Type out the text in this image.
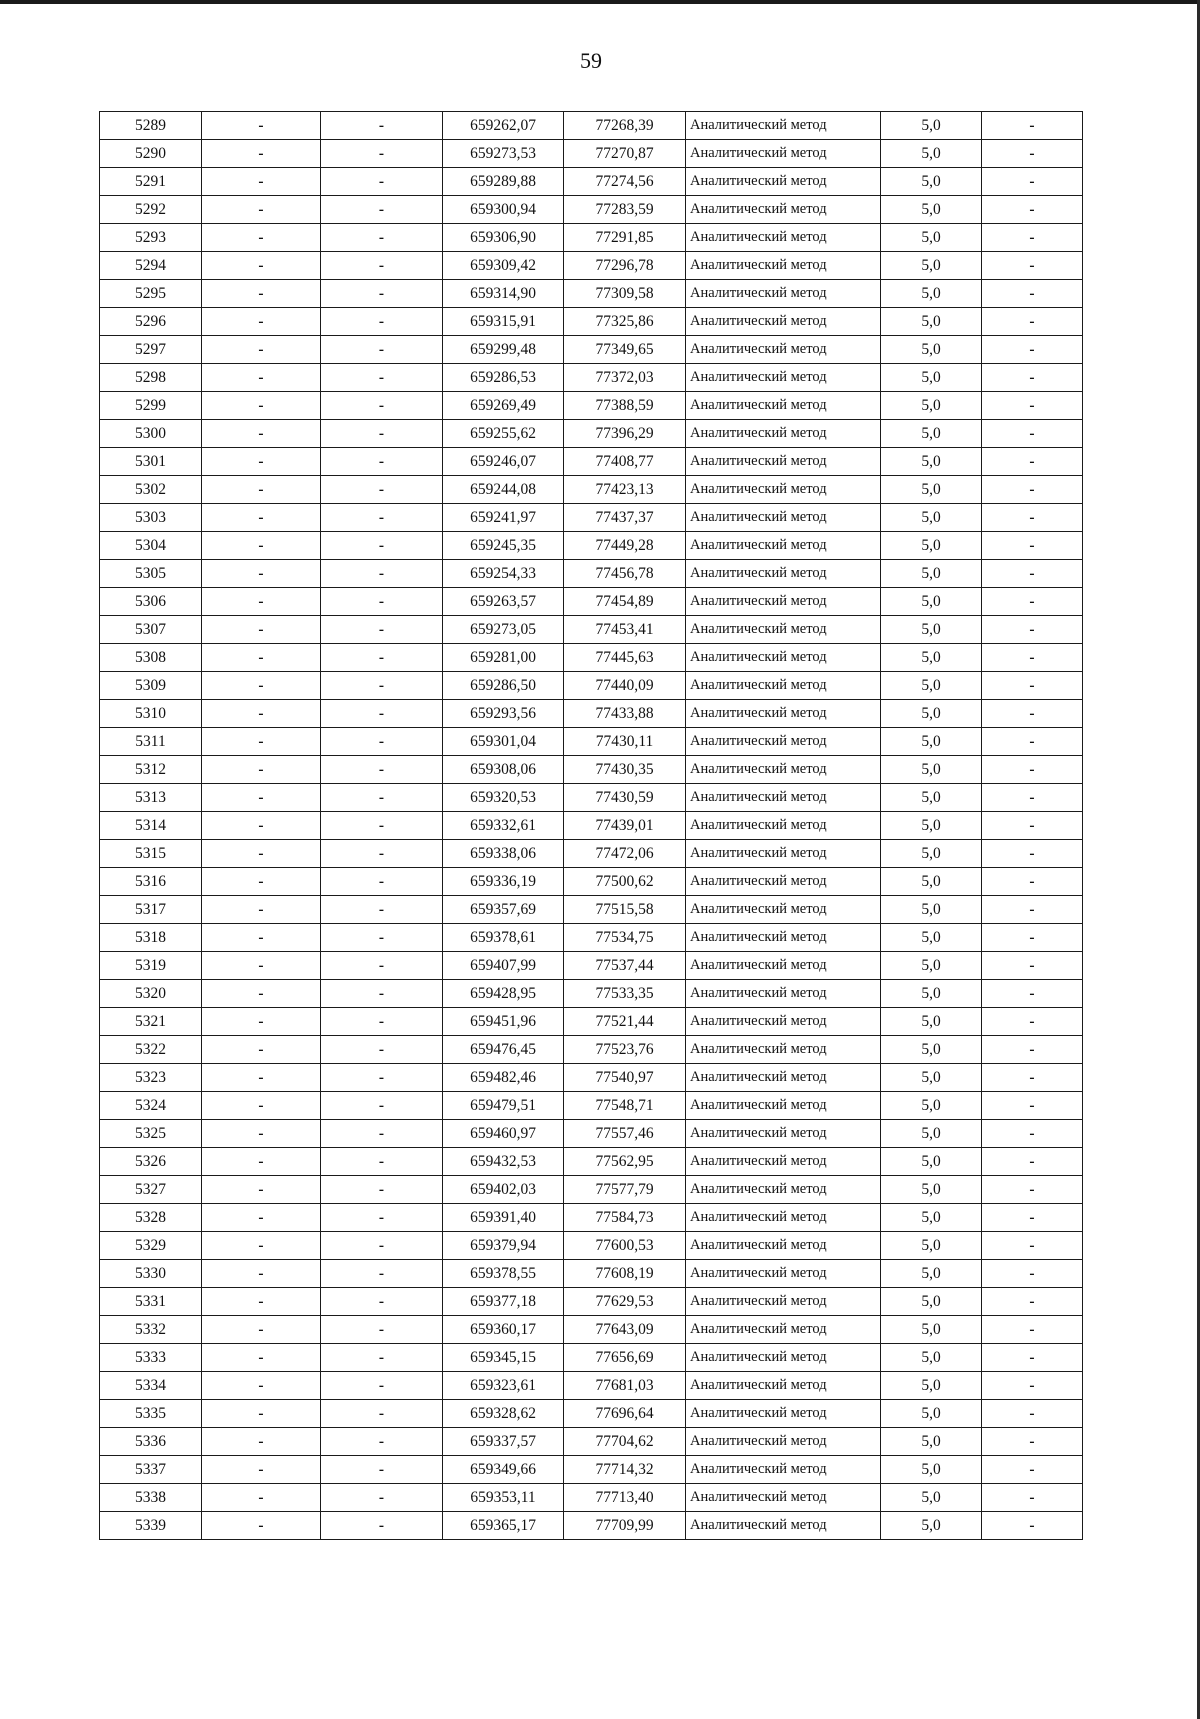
59
5289	-	-	659262,07	77268,39	Аналитический метод	5,0	-
5290	-	-	659273,53	77270,87	Аналитический метод	5,0	-
5291	-	-	659289,88	77274,56	Аналитический метод	5,0	-
5292	-	-	659300,94	77283,59	Аналитический метод	5,0	-
5293	-	-	659306,90	77291,85	Аналитический метод	5,0	-
5294	-	-	659309,42	77296,78	Аналитический метод	5,0	-
5295	-	-	659314,90	77309,58	Аналитический метод	5,0	-
5296	-	-	659315,91	77325,86	Аналитический метод	5,0	-
5297	-	-	659299,48	77349,65	Аналитический метод	5,0	-
5298	-	-	659286,53	77372,03	Аналитический метод	5,0	-
5299	-	-	659269,49	77388,59	Аналитический метод	5,0	-
5300	-	-	659255,62	77396,29	Аналитический метод	5,0	-
5301	-	-	659246,07	77408,77	Аналитический метод	5,0	-
5302	-	-	659244,08	77423,13	Аналитический метод	5,0	-
5303	-	-	659241,97	77437,37	Аналитический метод	5,0	-
5304	-	-	659245,35	77449,28	Аналитический метод	5,0	-
5305	-	-	659254,33	77456,78	Аналитический метод	5,0	-
5306	-	-	659263,57	77454,89	Аналитический метод	5,0	-
5307	-	-	659273,05	77453,41	Аналитический метод	5,0	-
5308	-	-	659281,00	77445,63	Аналитический метод	5,0	-
5309	-	-	659286,50	77440,09	Аналитический метод	5,0	-
5310	-	-	659293,56	77433,88	Аналитический метод	5,0	-
5311	-	-	659301,04	77430,11	Аналитический метод	5,0	-
5312	-	-	659308,06	77430,35	Аналитический метод	5,0	-
5313	-	-	659320,53	77430,59	Аналитический метод	5,0	-
5314	-	-	659332,61	77439,01	Аналитический метод	5,0	-
5315	-	-	659338,06	77472,06	Аналитический метод	5,0	-
5316	-	-	659336,19	77500,62	Аналитический метод	5,0	-
5317	-	-	659357,69	77515,58	Аналитический метод	5,0	-
5318	-	-	659378,61	77534,75	Аналитический метод	5,0	-
5319	-	-	659407,99	77537,44	Аналитический метод	5,0	-
5320	-	-	659428,95	77533,35	Аналитический метод	5,0	-
5321	-	-	659451,96	77521,44	Аналитический метод	5,0	-
5322	-	-	659476,45	77523,76	Аналитический метод	5,0	-
5323	-	-	659482,46	77540,97	Аналитический метод	5,0	-
5324	-	-	659479,51	77548,71	Аналитический метод	5,0	-
5325	-	-	659460,97	77557,46	Аналитический метод	5,0	-
5326	-	-	659432,53	77562,95	Аналитический метод	5,0	-
5327	-	-	659402,03	77577,79	Аналитический метод	5,0	-
5328	-	-	659391,40	77584,73	Аналитический метод	5,0	-
5329	-	-	659379,94	77600,53	Аналитический метод	5,0	-
5330	-	-	659378,55	77608,19	Аналитический метод	5,0	-
5331	-	-	659377,18	77629,53	Аналитический метод	5,0	-
5332	-	-	659360,17	77643,09	Аналитический метод	5,0	-
5333	-	-	659345,15	77656,69	Аналитический метод	5,0	-
5334	-	-	659323,61	77681,03	Аналитический метод	5,0	-
5335	-	-	659328,62	77696,64	Аналитический метод	5,0	-
5336	-	-	659337,57	77704,62	Аналитический метод	5,0	-
5337	-	-	659349,66	77714,32	Аналитический метод	5,0	-
5338	-	-	659353,11	77713,40	Аналитический метод	5,0	-
5339	-	-	659365,17	77709,99	Аналитический метод	5,0	-
